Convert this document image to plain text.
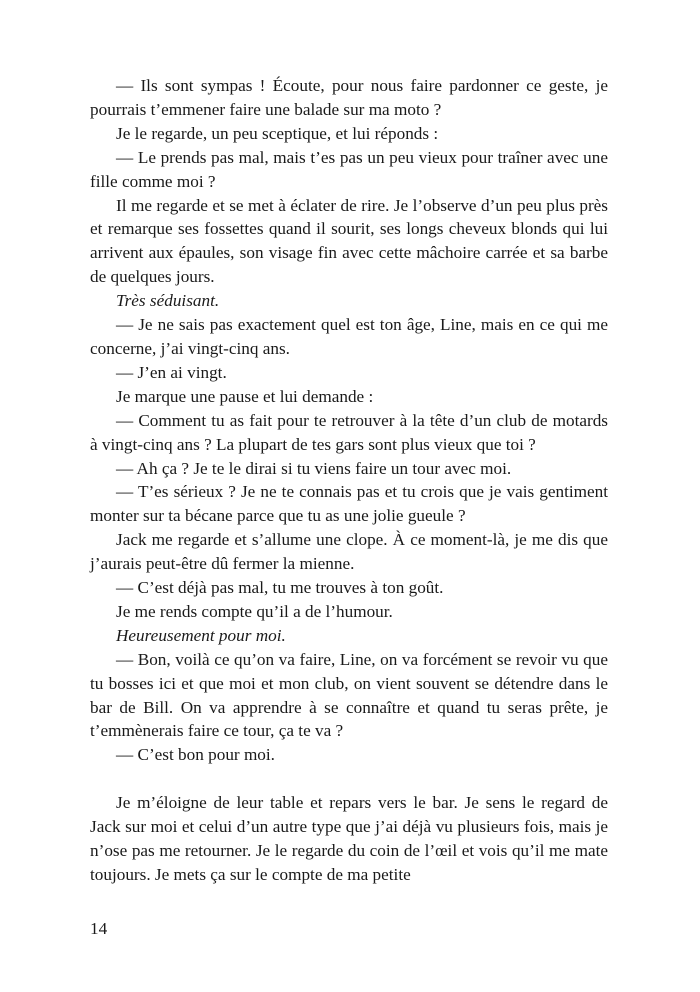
— Ils sont sympas ! Écoute, pour nous faire pardonner ce geste, je pourrais t’emmener faire une balade sur ma moto ?

Je le regarde, un peu sceptique, et lui réponds :

— Le prends pas mal, mais t’es pas un peu vieux pour traîner avec une fille comme moi ?

Il me regarde et se met à éclater de rire. Je l’observe d’un peu plus près et remarque ses fossettes quand il sourit, ses longs cheveux blonds qui lui arrivent aux épaules, son visage fin avec cette mâchoire carrée et sa barbe de quelques jours.

Très séduisant.

— Je ne sais pas exactement quel est ton âge, Line, mais en ce qui me concerne, j’ai vingt-cinq ans.

— J’en ai vingt.

Je marque une pause et lui demande :

— Comment tu as fait pour te retrouver à la tête d’un club de motards à vingt-cinq ans ? La plupart de tes gars sont plus vieux que toi ?

— Ah ça ? Je te le dirai si tu viens faire un tour avec moi.

— T’es sérieux ? Je ne te connais pas et tu crois que je vais gentiment monter sur ta bécane parce que tu as une jolie gueule ?

Jack me regarde et s’allume une clope. À ce moment-là, je me dis que j’aurais peut-être dû fermer la mienne.

— C’est déjà pas mal, tu me trouves à ton goût.

Je me rends compte qu’il a de l’humour.

Heureusement pour moi.

— Bon, voilà ce qu’on va faire, Line, on va forcément se revoir vu que tu bosses ici et que moi et mon club, on vient souvent se détendre dans le bar de Bill. On va apprendre à se connaître et quand tu seras prête, je t’emmènerais faire ce tour, ça te va ?

— C’est bon pour moi.

Je m’éloigne de leur table et repars vers le bar. Je sens le regard de Jack sur moi et celui d’un autre type que j’ai déjà vu plusieurs fois, mais je n’ose pas me retourner. Je le regarde du coin de l’œil et vois qu’il me mate toujours. Je mets ça sur le compte de ma petite

14
